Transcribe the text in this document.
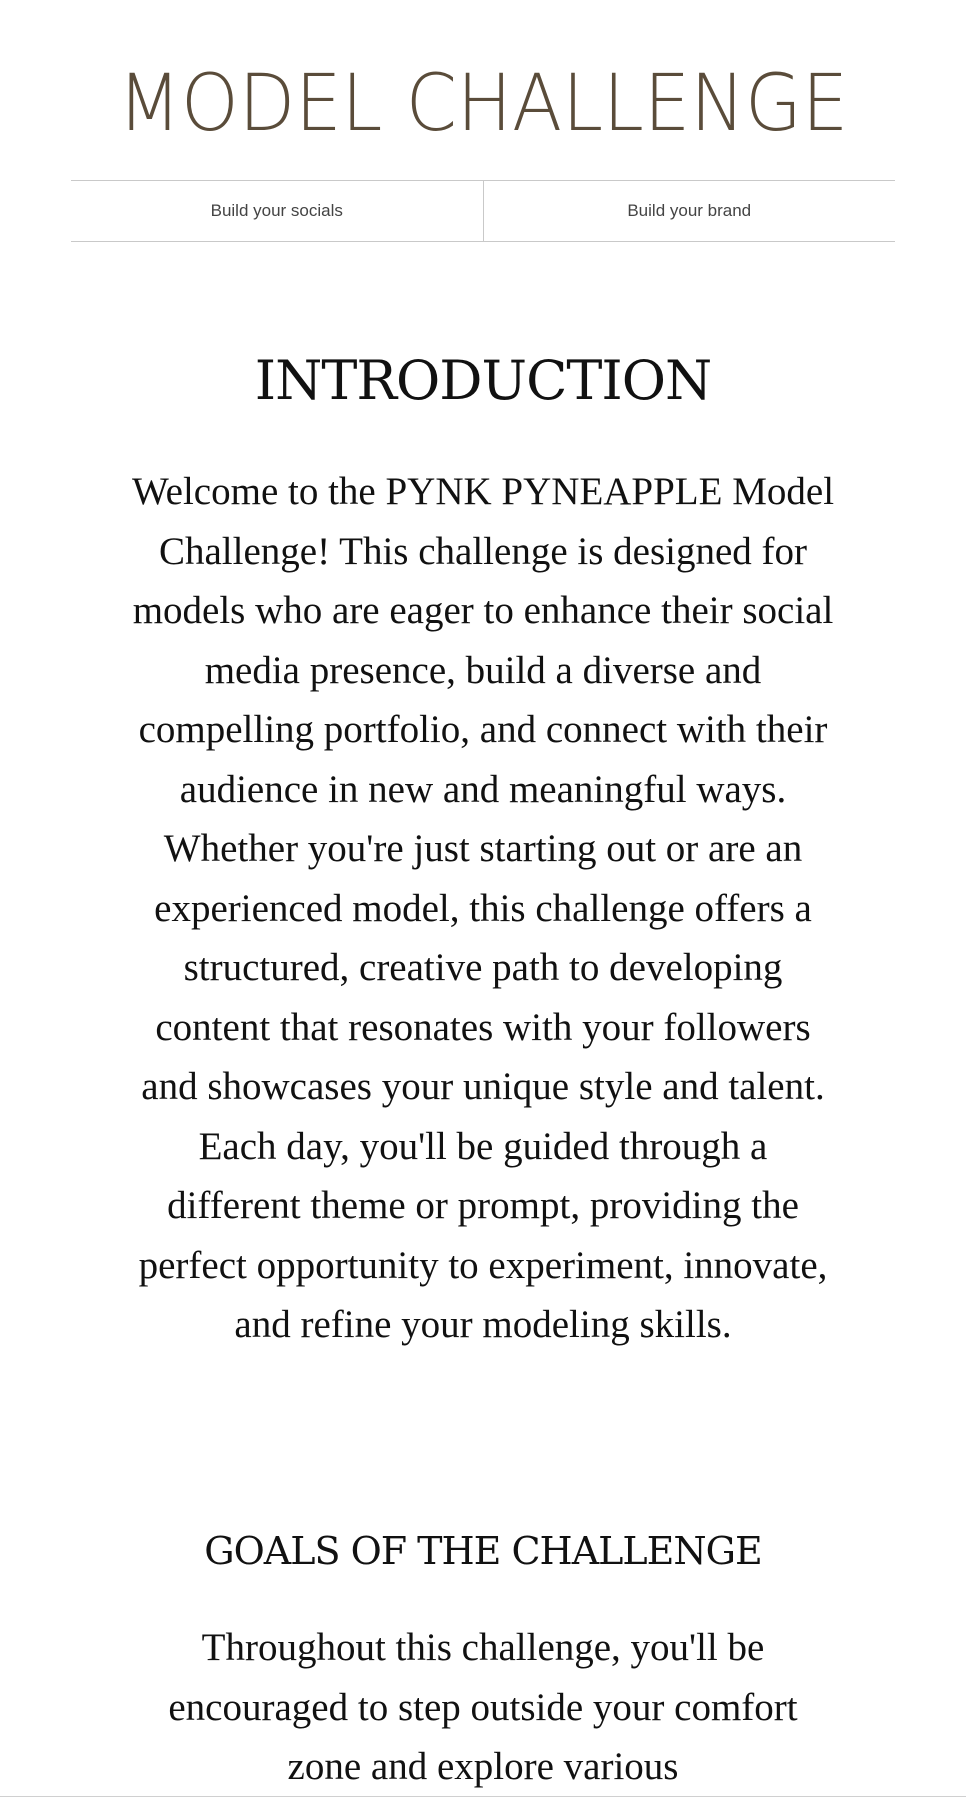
MODEL CHALLENGE
Build your socials	Build your brand
INTRODUCTION

Welcome to the PYNK PYNEAPPLE Model Challenge! This challenge is designed for models who are eager to enhance their social media presence, build a diverse and compelling portfolio, and connect with their audience in new and meaningful ways. Whether you're just starting out or are an experienced model, this challenge offers a structured, creative path to developing content that resonates with your followers and showcases your unique style and talent. Each day, you'll be guided through a different theme or prompt, providing the perfect opportunity to experiment, innovate, and refine your modeling skills.

GOALS OF THE CHALLENGE

Throughout this challenge, you'll be encouraged to step outside your comfort zone and explore various
